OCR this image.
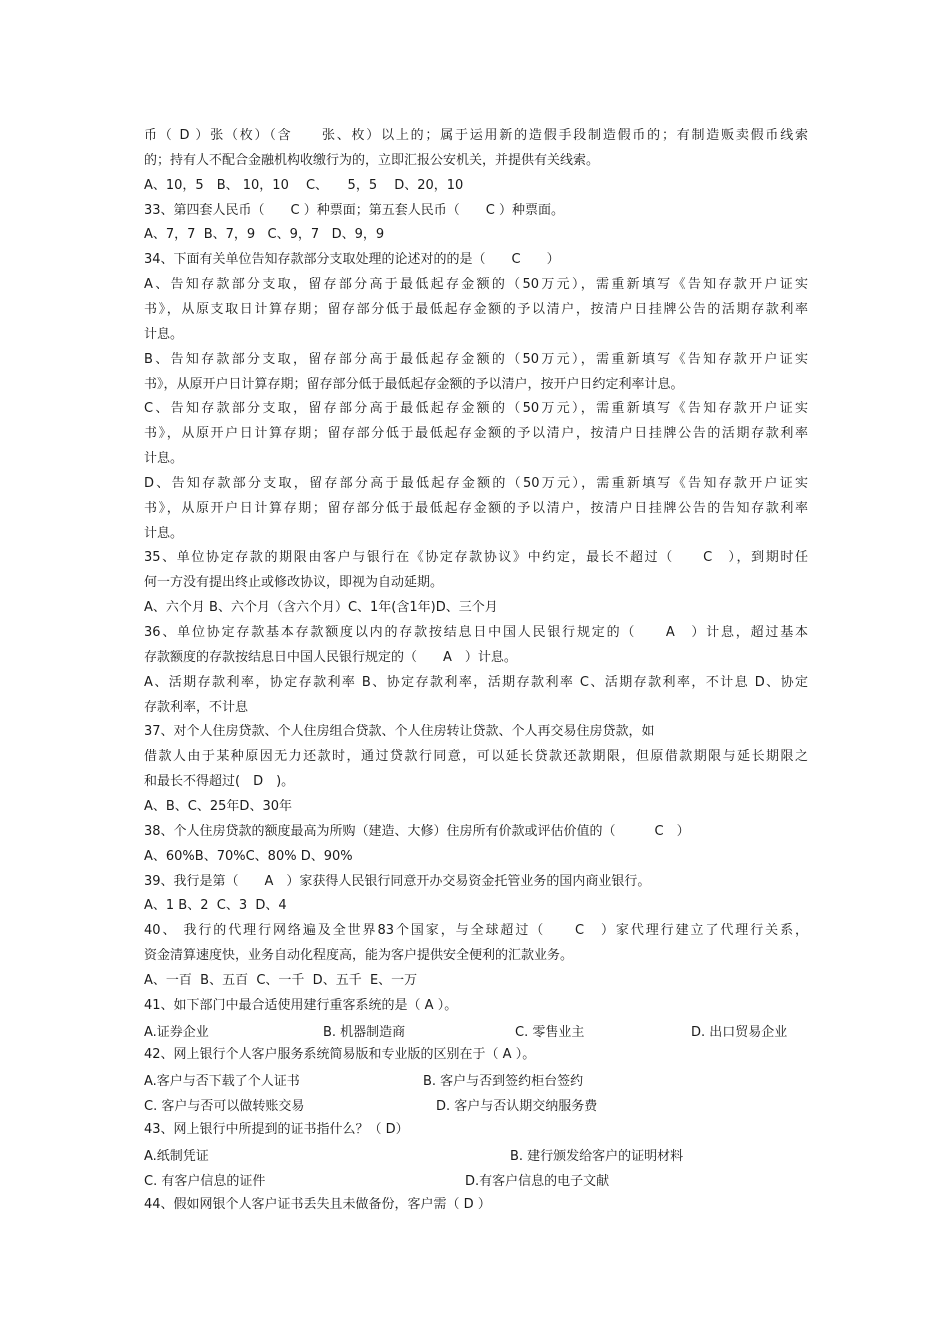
币（ D ）张（枚）（含　　张、枚）以上的；属于运用新的造假手段制造假币的；有制造贩卖假币线索
的；持有人不配合金融机构收缴行为的，立即汇报公安机关，并提供有关线索。
A、10，5　B、 10，10　 C、　　5，5　 D、20，10
33、第四套人民币（　　C ）种票面；第五套人民币（　　C ）种票面。
A、7，7  B、7，9   C、9，7   D、9，9
34、下面有关单位告知存款部分支取处理的论述对的的是（　　C　　）
A、告知存款部分支取，留存部分高于最低起存金额的（50万元），需重新填写《告知存款开户证实
书》，从原支取日计算存期；留存部分低于最低起存金额的予以清户，按清户日挂牌公告的活期存款利率
计息。
B、告知存款部分支取，留存部分高于最低起存金额的（50万元），需重新填写《告知存款开户证实
书》，从原开户日计算存期；留存部分低于最低起存金额的予以清户，按开户日约定利率计息。
C、告知存款部分支取，留存部分高于最低起存金额的（50万元），需重新填写《告知存款开户证实
书》，从原开户日计算存期；留存部分低于最低起存金额的予以清户，按清户日挂牌公告的活期存款利率
计息。
D、告知存款部分支取，留存部分高于最低起存金额的（50万元），需重新填写《告知存款开户证实
书》，从原开户日计算存期；留存部分低于最低起存金额的予以清户，按清户日挂牌公告的告知存款利率
计息。
35、单位协定存款的期限由客户与银行在《协定存款协议》中约定，最长不超过（　　C　），到期时任
何一方没有提出终止或修改协议，即视为自动延期。
A、六个月 B、六个月（含六个月）C、1年(含1年)D、三个月
36、单位协定存款基本存款额度以内的存款按结息日中国人民银行规定的（　　A　）计息，超过基本
存款额度的存款按结息日中国人民银行规定的（　　A　）计息。
A、活期存款利率，协定存款利率 B、协定存款利率，活期存款利率 C、活期存款利率，不计息 D、协定
存款利率，不计息
37、对个人住房贷款、个人住房组合贷款、个人住房转让贷款、个人再交易住房贷款，如
借款人由于某种原因无力还款时，通过贷款行同意，可以延长贷款还款期限，但原借款期限与延长期限之
和最长不得超过(　D　)。
A、B、C、25年D、30年
38、个人住房贷款的额度最高为所购（建造、大修）住房所有价款或评估价值的（　　　C　）
A、60%B、70%C、80% D、90%
39、我行是第（　　A　）家获得人民银行同意开办交易资金托管业务的国内商业银行。
A、1 B、2  C、3  D、4
40、 我行的代理行网络遍及全世界83个国家，与全球超过（　　C　）家代理行建立了代理行关系，
资金清算速度快，业务自动化程度高，能为客户提供安全便利的汇款业务。
A、一百  B、五百  C、一千  D、五千  E、一万
41、如下部门中最合适使用建行重客系统的是（ A ）。
42、网上银行个人客户服务系统简易版和专业版的区别在于（ A ）。
43、网上银行中所提到的证书指什么？（ D）
44、假如网银个人客户证书丢失且未做备份，客户需（ D ）
A.证券企业	B. 机器制造商	C. 零售业主	D. 出口贸易企业
A.客户与否下载了个人证书	B. 客户与否到签约柜台签约
C. 客户与否可以做转账交易	D. 客户与否认期交纳服务费
A.纸制凭证	B. 建行颁发给客户的证明材料
C. 有客户信息的证件	D.有客户信息的电子文献
